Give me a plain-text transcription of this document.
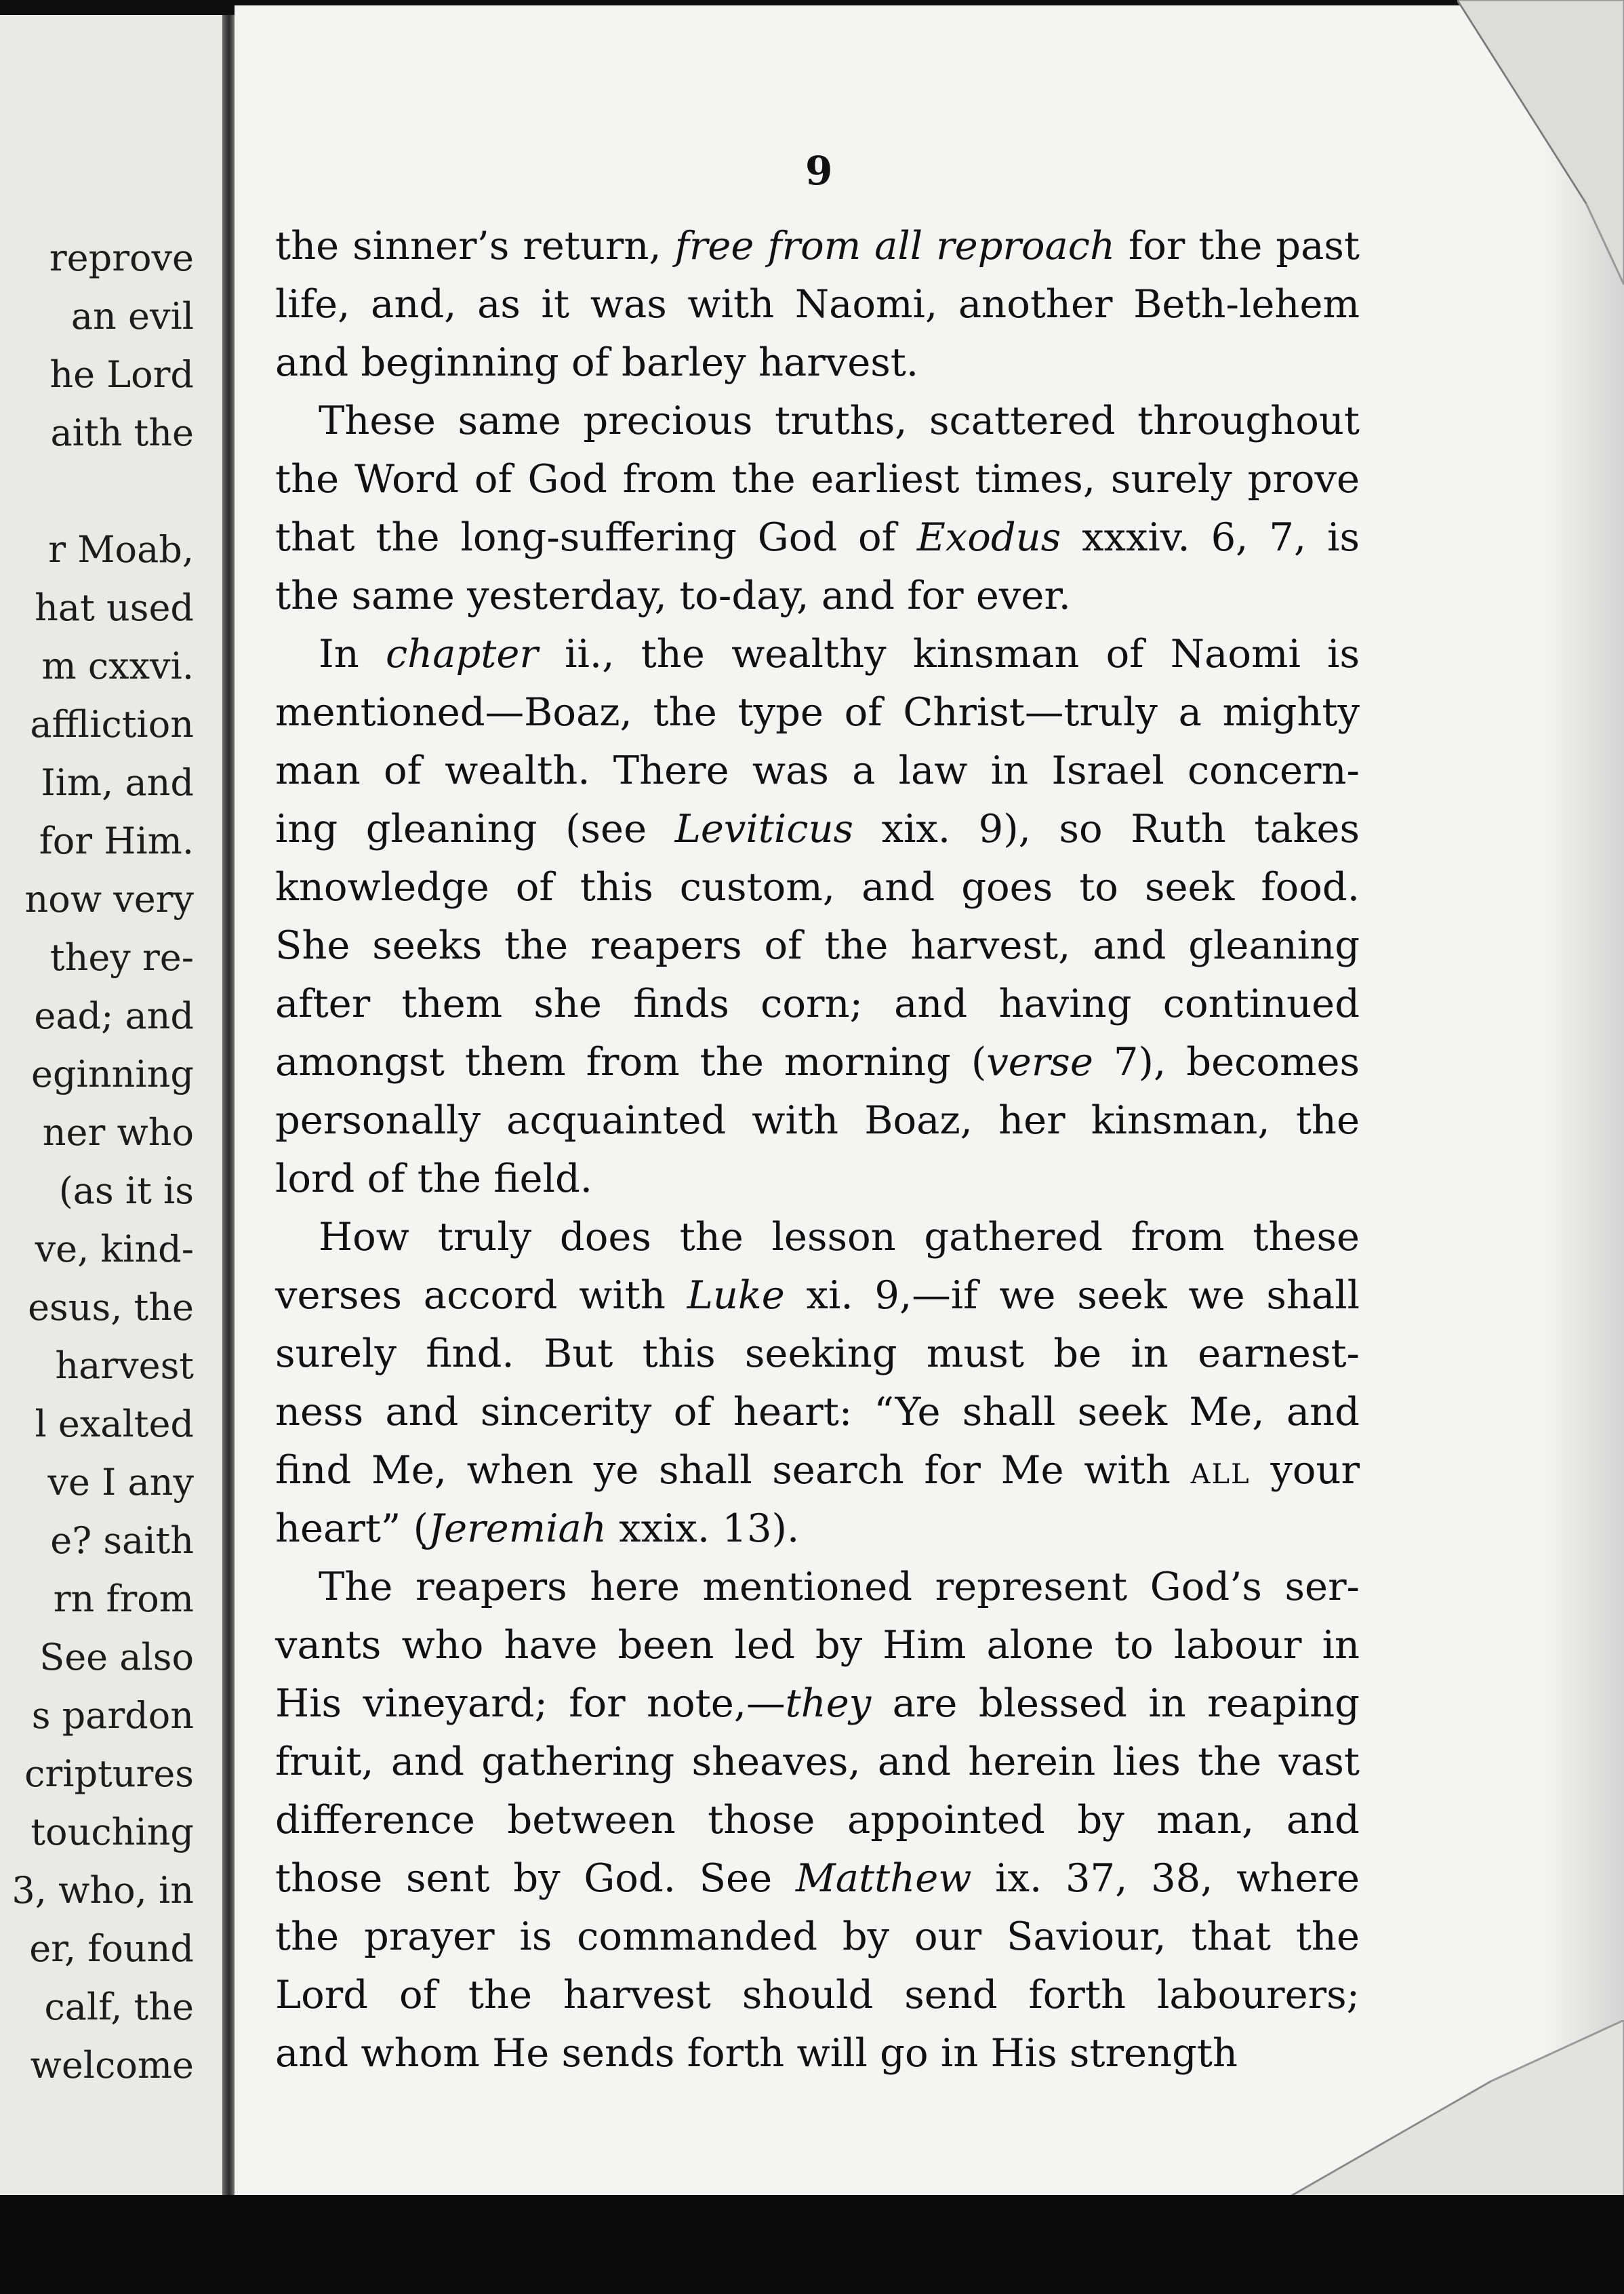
reprove
an evil
he Lord
aith the
r Moab,
hat used
m cxxvi.
affliction
Iim, and
for Him.
now very
they re-
ead; and
eginning
ner who
(as it is
ve, kind-
esus, the
harvest
l exalted
ve I any
e? saith
rn from
See also
s pardon
criptures
touching
3, who, in
er, found
calf, the
welcome
9
the sinner’s return, free from all reproach for the past
life, and, as it was with Naomi, another Beth-lehem
and beginning of barley harvest.
These same precious truths, scattered throughout
the Word of God from the earliest times, surely prove
that the long-suffering God of Exodus xxxiv. 6, 7, is
the same yesterday, to-day, and for ever.
In chapter ii., the wealthy kinsman of Naomi is
mentioned—Boaz, the type of Christ—truly a mighty
man of wealth. There was a law in Israel concern-
ing gleaning (see Leviticus xix. 9), so Ruth takes
knowledge of this custom, and goes to seek food.
She seeks the reapers of the harvest, and gleaning
after them she finds corn; and having continued
amongst them from the morning (verse 7), becomes
personally acquainted with Boaz, her kinsman, the
lord of the field.
How truly does the lesson gathered from these
verses accord with Luke xi. 9,—if we seek we shall
surely find. But this seeking must be in earnest-
ness and sincerity of heart: “Ye shall seek Me, and
find Me, when ye shall search for Me with all your
heart” (Jeremiah xxix. 13).
The reapers here mentioned represent God’s ser-
vants who have been led by Him alone to labour in
His vineyard; for note,—they are blessed in reaping
fruit, and gathering sheaves, and herein lies the vast
difference between those appointed by man, and
those sent by God. See Matthew ix. 37, 38, where
the prayer is commanded by our Saviour, that the
Lord of the harvest should send forth labourers;
and whom He sends forth will go in His strength
